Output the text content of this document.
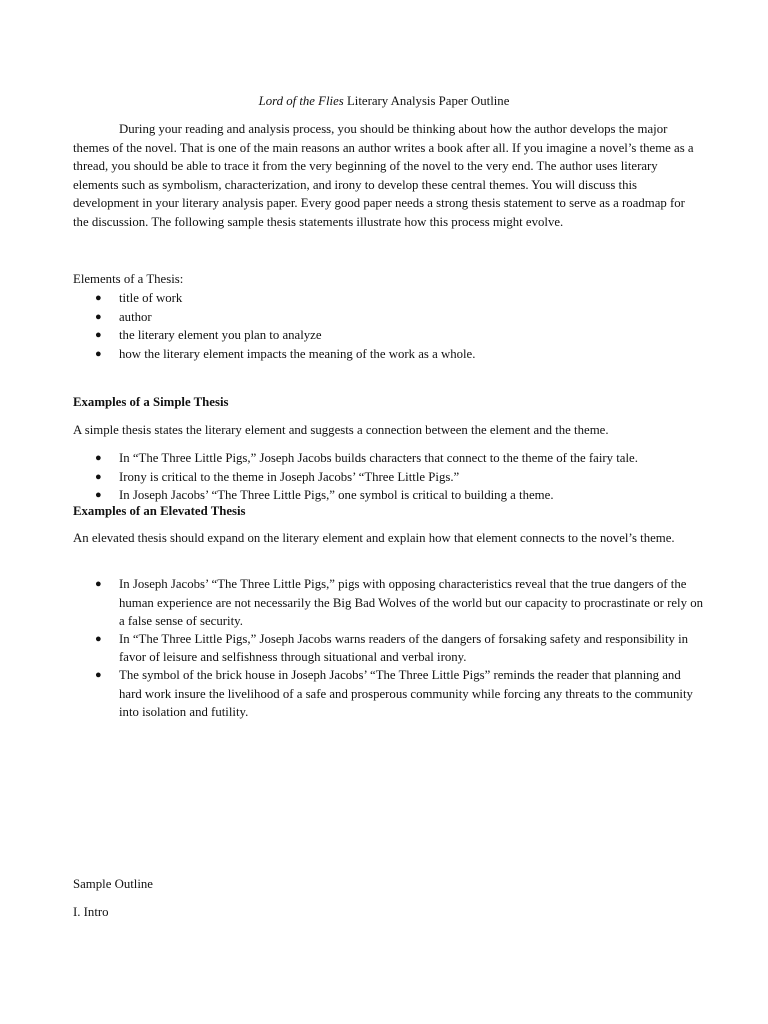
Lord of the Flies Literary Analysis Paper Outline

During your reading and analysis process, you should be thinking about how the author develops the major themes of the novel. That is one of the main reasons an author writes a book after all. If you imagine a novel’s theme as a thread, you should be able to trace it from the very beginning of the novel to the very end. The author uses literary elements such as symbolism, characterization, and irony to develop these central themes. You will discuss this development in your literary analysis paper. Every good paper needs a strong thesis statement to serve as a roadmap for the discussion. The following sample thesis statements illustrate how this process might evolve.

Elements of a Thesis:

● title of work
● author
● the literary element you plan to analyze
● how the literary element impacts the meaning of the work as a whole.

Examples of a Simple Thesis

A simple thesis states the literary element and suggests a connection between the element and the theme.

● In “The Three Little Pigs,” Joseph Jacobs builds characters that connect to the theme of the fairy tale.
● Irony is critical to the theme in Joseph Jacobs’ “Three Little Pigs.”
● In Joseph Jacobs’ “The Three Little Pigs,” one symbol is critical to building a theme.

Examples of an Elevated Thesis

An elevated thesis should expand on the literary element and explain how that element connects to the novel’s theme.

● In Joseph Jacobs’ “The Three Little Pigs,” pigs with opposing characteristics reveal that the true dangers of the human experience are not necessarily the Big Bad Wolves of the world but our capacity to procrastinate or rely on a false sense of security.
● In “The Three Little Pigs,” Joseph Jacobs warns readers of the dangers of forsaking safety and responsibility in favor of leisure and selfishness through situational and verbal irony.
● The symbol of the brick house in Joseph Jacobs’ “The Three Little Pigs” reminds the reader that planning and hard work insure the livelihood of a safe and prosperous community while forcing any threats to the community into isolation and futility.

Sample Outline

I. Intro
